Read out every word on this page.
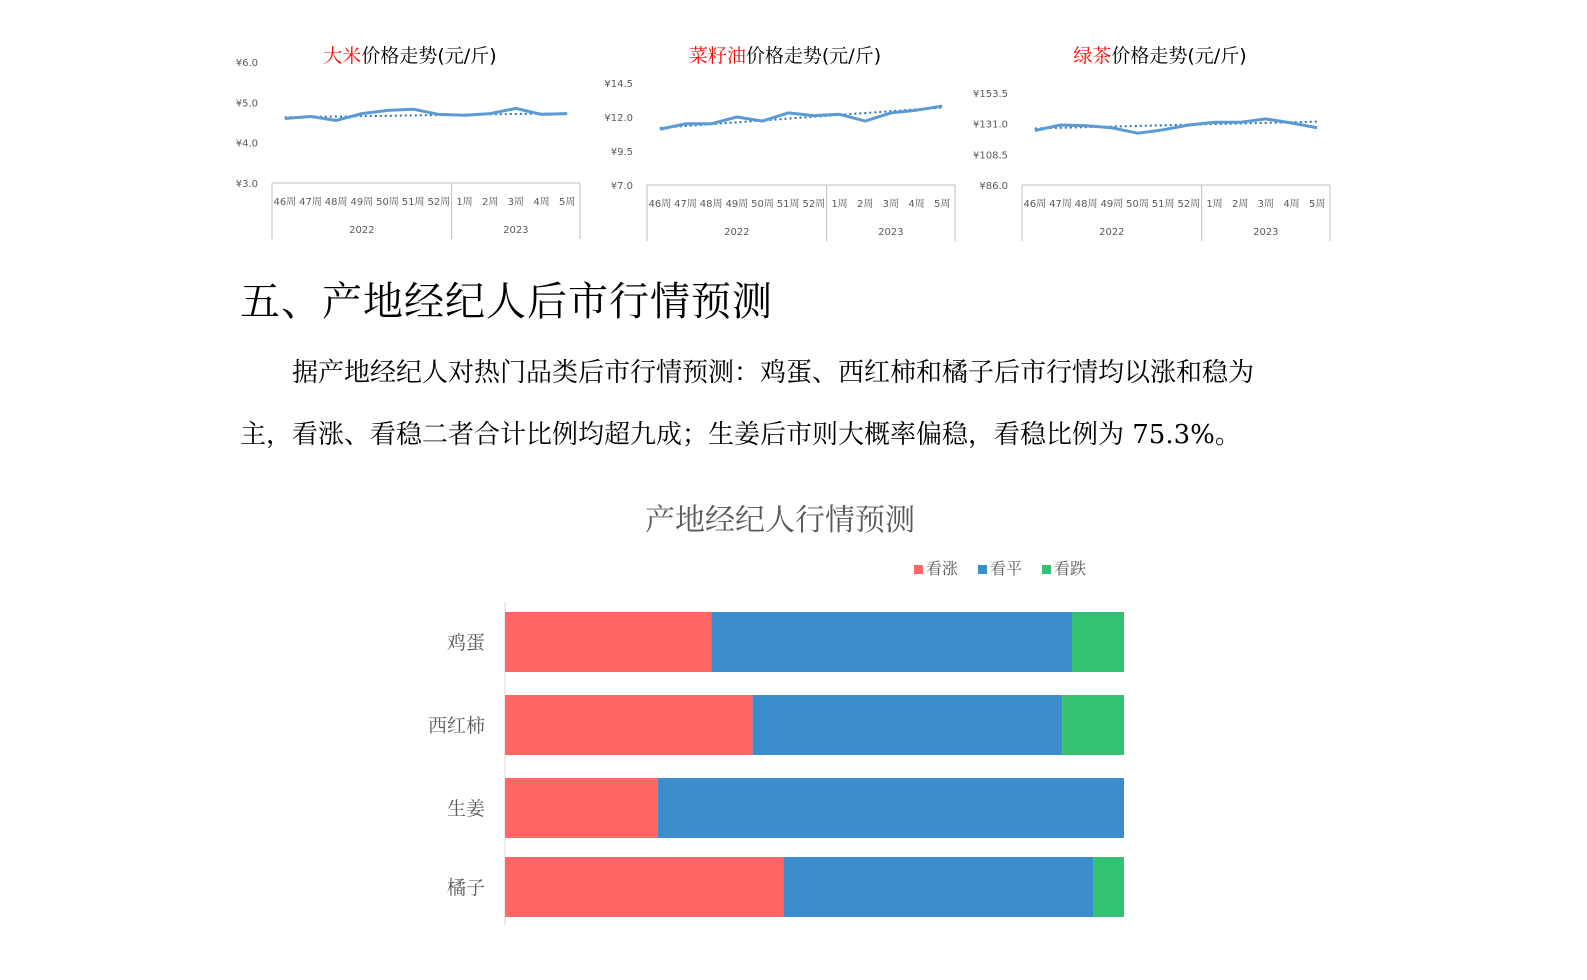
大米价格走势(元/斤)
¥6.0
¥5.0
¥4.0
¥3.0
46周 47周 48周 49周 50周 51周 52周 1周 2周 3周 4周 5周
2022	2023
菜籽油价格走势(元/斤)
¥14.5
¥12.0
¥9.5
¥7.0
46周 47周 48周 49周 50周 51周 52周 1周 2周 3周 4周 5周
2022	2023
绿茶价格走势(元/斤)
¥153.5
¥131.0
¥108.5
¥86.0
46周 47周 48周 49周 50周 51周 52周 1周 2周 3周 4周 5周
2022	2023
五、产地经纪人后市行情预测
据产地经纪人对热门品类后市行情预测：鸡蛋、西红柿和橘子后市行情均以涨和稳为
主，看涨、看稳二者合计比例均超九成；生姜后市则大概率偏稳，看稳比例为 75.3%。
产地经纪人行情预测
看涨 看平 看跌
鸡蛋
西红柿
生姜
橘子
